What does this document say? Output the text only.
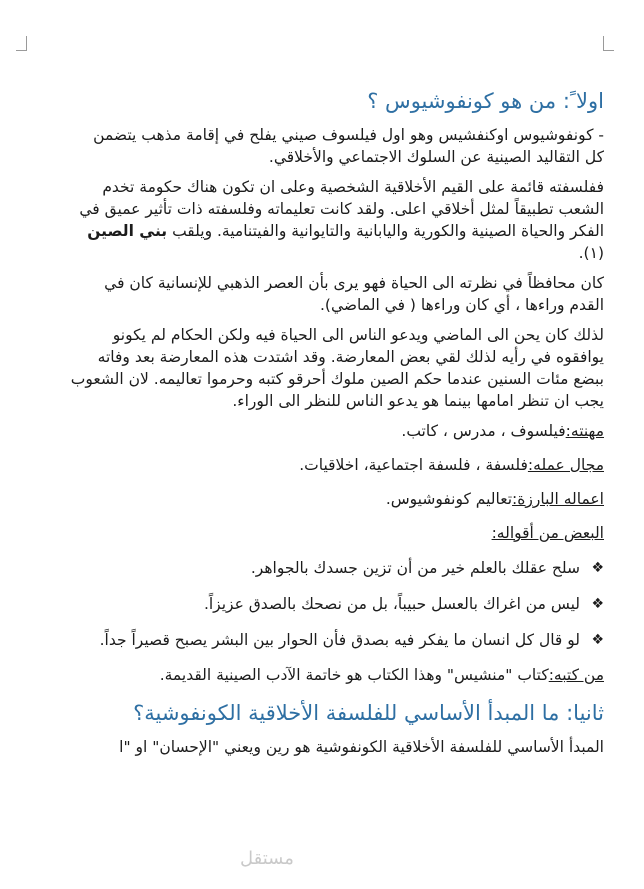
اولا ً: من هو كونفوشيوس ؟

- كونفوشيوس اوكنفشيس وهو اول فيلسوف صيني يفلح في إقامة مذهب يتضمن كل التقاليد الصينية عن السلوك الاجتماعي والأخلاقي.

ففلسفته قائمة على القيم الأخلاقية الشخصية وعلى ان تكون هناك حكومة تخدم الشعب تطبيقاً لمثل أخلاقي اعلى. ولقد كانت تعليماته وفلسفته ذات تأثير عميق في الفكر والحياة الصينية والكورية واليابانية والتايوانية والفيتنامية. ويلقب بني الصين (١).

كان محافظاً في نظرته الى الحياة فهو يرى بأن العصر الذهبي للإنسانية كان في القدم وراءها ، أي كان وراءها ( في الماضي).

لذلك كان يحن الى الماضي ويدعو الناس الى الحياة فيه ولكن الحكام لم يكونو يوافقوه في رأيه لذلك لقي بعض المعارضة. وقد اشتدت هذه المعارضة بعد وفاته ببضع مئات السنين عندما حكم الصين ملوك أحرقو كتبه وحرموا تعاليمه. لان الشعوب يجب ان تنظر امامها بينما هو يدعو الناس للنظر الى الوراء.

مهنته:فيلسوف ، مدرس ، كاتب.
مجال عمله:فلسفة ، فلسفة اجتماعية، اخلاقيات.
اعماله البارزة:تعاليم كونفوشيوس.
البعض من أقواله:
❖
سلح عقلك بالعلم خير من أن تزين جسدك بالجواهر.
❖
ليس من اغراك بالعسل حبيباً، بل من نصحك بالصدق عزيزاً.
❖
لو قال كل انسان ما يفكر فيه بصدق فأن الحوار بين البشر يصبح قصيراً جداً.
من كتبه:كتاب "منشيس" وهذا الكتاب هو خاتمة الآدب الصينية القديمة.
ثانيا: ما المبدأ الأساسي للفلسفة الأخلاقية الكونفوشية؟

المبدأ الأساسي للفلسفة الأخلاقية الكونفوشية هو رين ويعني "الإحسان" او "ا

مستقل
